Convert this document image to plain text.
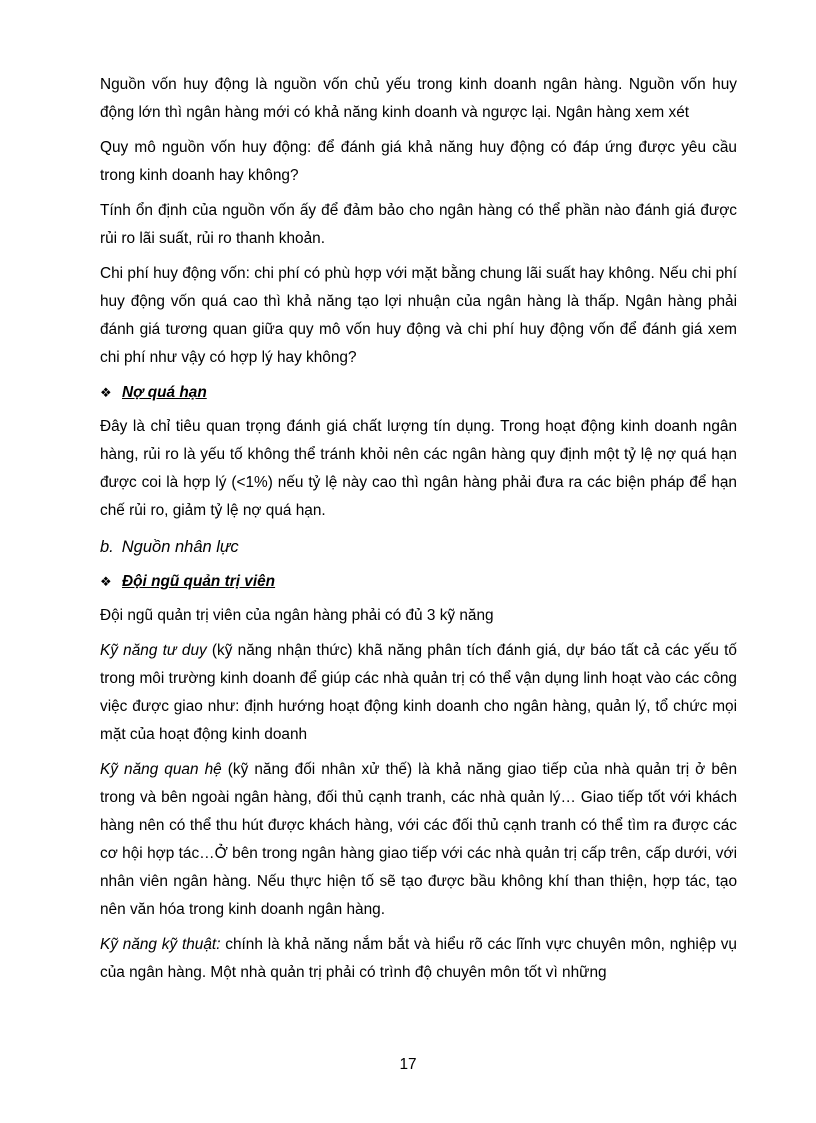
Nguồn vốn huy động là nguồn vốn chủ yếu trong kinh doanh ngân hàng. Nguồn vốn huy động lớn thì ngân hàng mới có khả năng kinh doanh và ngược lại. Ngân hàng xem xét

Quy mô nguồn vốn huy động: để đánh giá khả năng huy động có đáp ứng được yêu cầu trong kinh doanh hay không?

Tính ổn định của nguồn vốn ấy để đảm bảo cho ngân hàng có thể phần nào đánh giá được rủi ro lãi suất, rủi ro thanh khoản.

Chi phí huy động vốn: chi phí có phù hợp với mặt bằng chung lãi suất hay không. Nếu chi phí huy động vốn quá cao thì khả năng tạo lợi nhuận của ngân hàng là thấp. Ngân hàng phải đánh giá tương quan giữa quy mô vốn huy động và chi phí huy động vốn để đánh giá xem chi phí như vậy có hợp lý hay không?

❖ Nợ quá hạn

Đây là chỉ tiêu quan trọng đánh giá chất lượng tín dụng. Trong hoạt động kinh doanh ngân hàng, rủi ro là yếu tố không thể tránh khỏi nên các ngân hàng quy định một tỷ lệ nợ quá hạn được coi là hợp lý (<1%) nếu tỷ lệ này cao thì ngân hàng phải đưa ra các biện pháp để hạn chế rủi ro, giảm tỷ lệ nợ quá hạn.

b. Nguồn nhân lực
❖ Đội ngũ quản trị viên

Đội ngũ quản trị viên của ngân hàng phải có đủ 3 kỹ năng

Kỹ năng tư duy (kỹ năng nhận thức) khã năng phân tích đánh giá, dự báo tất cả các yếu tố trong môi trường kinh doanh để giúp các nhà quản trị có thể vận dụng linh hoạt vào các công việc được giao như: định hướng hoạt động kinh doanh cho ngân hàng, quản lý, tổ chức mọi mặt của hoạt động kinh doanh

Kỹ năng quan hệ (kỹ năng đối nhân xử thế) là khả năng giao tiếp của nhà quản trị ở bên trong và bên ngoài ngân hàng, đối thủ cạnh tranh, các nhà quản lý… Giao tiếp tốt với khách hàng nên có thể thu hút được khách hàng, với các đối thủ cạnh tranh có thể tìm ra được các cơ hội hợp tác…Ở bên trong ngân hàng giao tiếp với các nhà quản trị cấp trên, cấp dưới, với nhân viên ngân hàng. Nếu thực hiện tố sẽ tạo được bầu không khí than thiện, hợp tác, tạo nên văn hóa trong kinh doanh ngân hàng.

Kỹ năng kỹ thuật: chính là khả năng nắm bắt và hiểu rõ các lĩnh vực chuyên môn, nghiệp vụ của ngân hàng. Một nhà quản trị phải có trình độ chuyên môn tốt vì những

17
